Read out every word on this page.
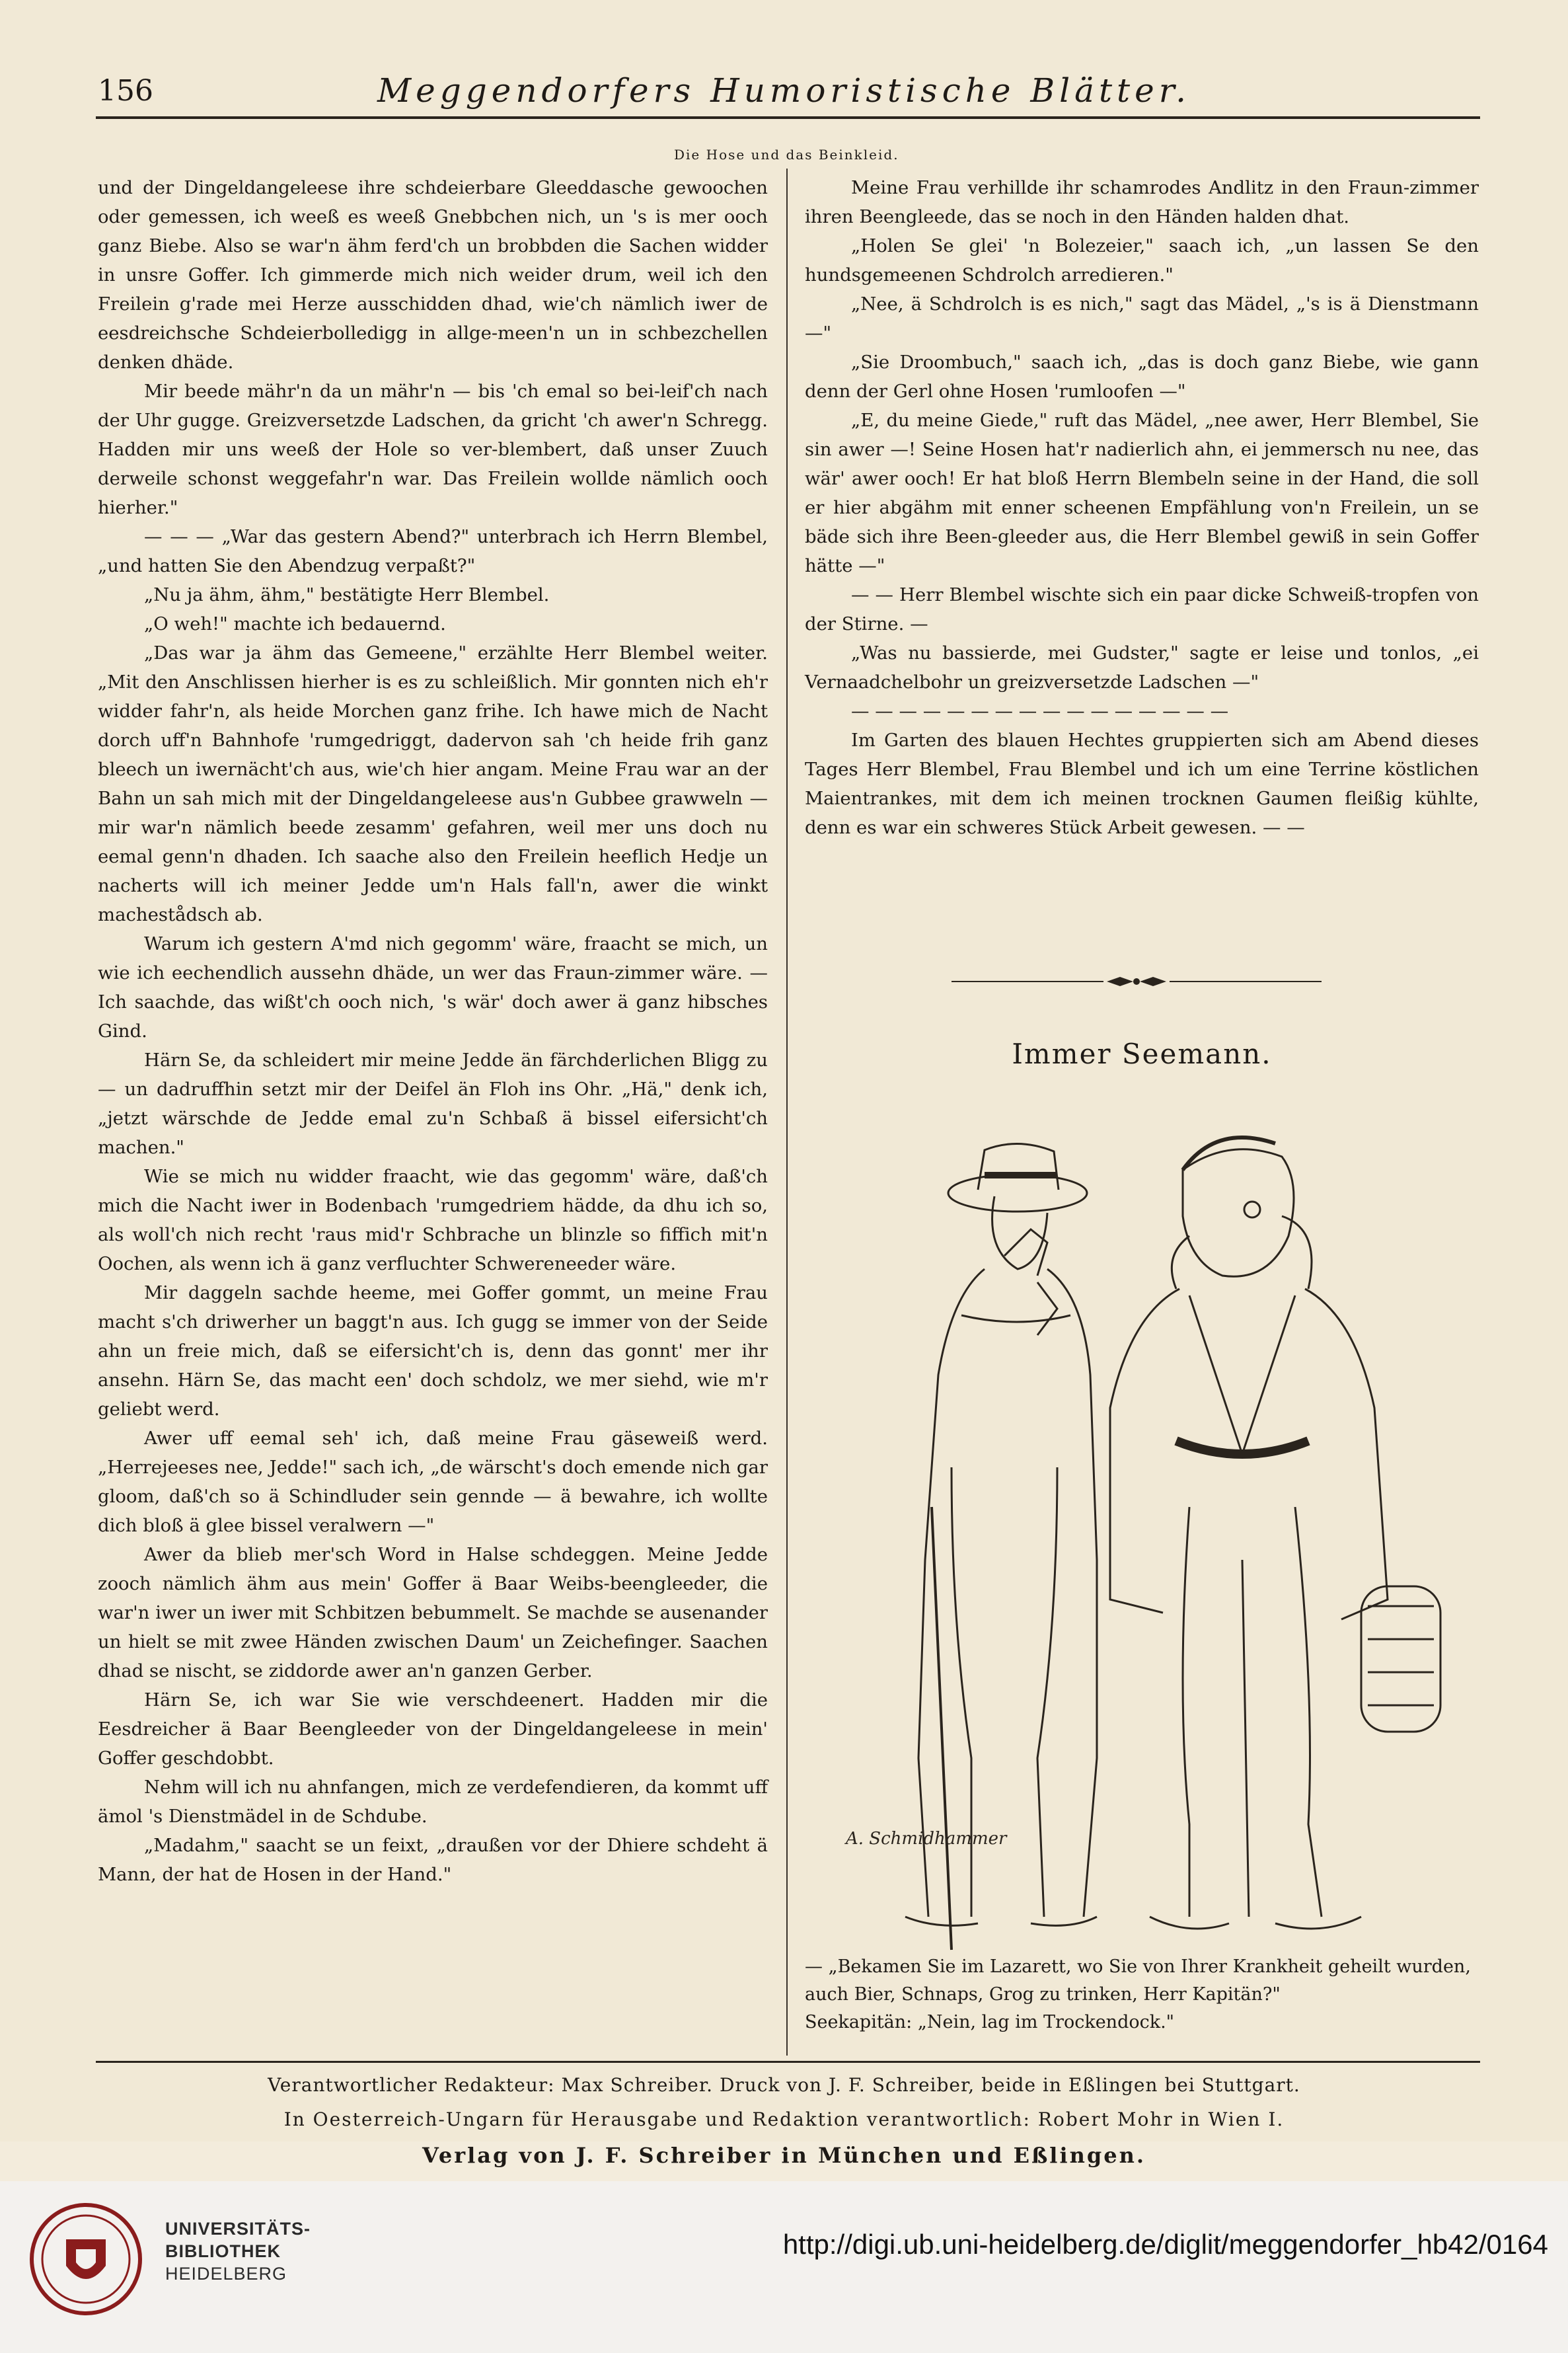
156	Meggendorfers Humoristische Blätter.
Die Hose und das Beinkleid.

und der Dingeldangeleese ihre schdeierbare Gleeddasche gewoochen oder gemessen, ich weeß es weeß Gnebbchen nich, un 's is mer ooch ganz Biebe. Also se war'n ähm ferd'ch un brobbden die Sachen widder in unsre Goffer. Ich gimmerde mich nich weider drum, weil ich den Freilein g'rade mei Herze ausschidden dhad, wie'ch nämlich iwer de eesdreichsche Schdeierbolledigg in allge-meen'n un in schbezchellen denken dhäde.

Mir beede mähr'n da un mähr'n — bis 'ch emal so bei-leif'ch nach der Uhr gugge. Greizversetzde Ladschen, da gricht 'ch awer'n Schregg. Hadden mir uns weeß der Hole so ver-blembert, daß unser Zuuch derweile schonst weggefahr'n war. Das Freilein wollde nämlich ooch hierher."

— — — „War das gestern Abend?" unterbrach ich Herrn Blembel, „und hatten Sie den Abendzug verpaßt?"

„Nu ja ähm, ähm," bestätigte Herr Blembel.

„O weh!" machte ich bedauernd.

„Das war ja ähm das Gemeene," erzählte Herr Blembel weiter. „Mit den Anschlissen hierher is es zu schleißlich. Mir gonnten nich eh'r widder fahr'n, als heide Morchen ganz frihe. Ich hawe mich de Nacht dorch uff'n Bahnhofe 'rumgedriggt, dadervon sah 'ch heide frih ganz bleech un iwernächt'ch aus, wie'ch hier angam. Meine Frau war an der Bahn un sah mich mit der Dingeldangeleese aus'n Gubbee grawweln — mir war'n nämlich beede zesamm' gefahren, weil mer uns doch nu eemal genn'n dhaden. Ich saache also den Freilein heeflich Hedje un nacherts will ich meiner Jedde um'n Hals fall'n, awer die winkt machestådsch ab.

Warum ich gestern A'md nich gegomm' wäre, fraacht se mich, un wie ich eechendlich aussehn dhäde, un wer das Fraun-zimmer wäre. — Ich saachde, das wißt'ch ooch nich, 's wär' doch awer ä ganz hibsches Gind.

Härn Se, da schleidert mir meine Jedde än färchderlichen Bligg zu — un dadruffhin setzt mir der Deifel än Floh ins Ohr. „Hä," denk ich, „jetzt wärschde de Jedde emal zu'n Schbaß ä bissel eifersicht'ch machen."

Wie se mich nu widder fraacht, wie das gegomm' wäre, daß'ch mich die Nacht iwer in Bodenbach 'rumgedriem hädde, da dhu ich so, als woll'ch nich recht 'raus mid'r Schbrache un blinzle so fiffich mit'n Oochen, als wenn ich ä ganz verfluchter Schwereneeder wäre.

Mir daggeln sachde heeme, mei Goffer gommt, un meine Frau macht s'ch driwerher un baggt'n aus. Ich gugg se immer von der Seide ahn un freie mich, daß se eifersicht'ch is, denn das gonnt' mer ihr ansehn. Härn Se, das macht een' doch schdolz, we mer siehd, wie m'r geliebt werd.

Awer uff eemal seh' ich, daß meine Frau gäseweiß werd. „Herrejeeses nee, Jedde!" sach ich, „de wärscht's doch emende nich gar gloom, daß'ch so ä Schindluder sein gennde — ä bewahre, ich wollte dich bloß ä glee bissel veralwern —"

Awer da blieb mer'sch Word in Halse schdeggen. Meine Jedde zooch nämlich ähm aus mein' Goffer ä Baar Weibs-beengleeder, die war'n iwer un iwer mit Schbitzen bebummelt. Se machde se ausenander un hielt se mit zwee Händen zwischen Daum' un Zeichefinger. Saachen dhad se nischt, se ziddorde awer an'n ganzen Gerber.

Härn Se, ich war Sie wie verschdeenert. Hadden mir die Eesdreicher ä Baar Beengleeder von der Dingeldangeleese in mein' Goffer geschdobbt.

Nehm will ich nu ahnfangen, mich ze verdefendieren, da kommt uff ämol 's Dienstmädel in de Schdube.

„Madahm," saacht se un feixt, „draußen vor der Dhiere schdeht ä Mann, der hat de Hosen in der Hand."

Meine Frau verhillde ihr schamrodes Andlitz in den Fraun-zimmer ihren Beengleede, das se noch in den Händen halden dhat.

„Holen Se glei' 'n Bolezeier," saach ich, „un lassen Se den hundsgemeenen Schdrolch arredieren."

„Nee, ä Schdrolch is es nich," sagt das Mädel, „'s is ä Dienstmann —"

„Sie Droombuch," saach ich, „das is doch ganz Biebe, wie gann denn der Gerl ohne Hosen 'rumloofen —"

„E, du meine Giede," ruft das Mädel, „nee awer, Herr Blembel, Sie sin awer —! Seine Hosen hat'r nadierlich ahn, ei jemmersch nu nee, das wär' awer ooch! Er hat bloß Herrn Blembeln seine in der Hand, die soll er hier abgähm mit enner scheenen Empfählung von'n Freilein, un se bäde sich ihre Been-gleeder aus, die Herr Blembel gewiß in sein Goffer hätte —"

— — Herr Blembel wischte sich ein paar dicke Schweiß-tropfen von der Stirne. —

„Was nu bassierde, mei Gudster," sagte er leise und tonlos, „ei Vernaadchelbohr un greizversetzde Ladschen —"

— — — — — — — — — — — — — — — —

Im Garten des blauen Hechtes gruppierten sich am Abend dieses Tages Herr Blembel, Frau Blembel und ich um eine Terrine köstlichen Maientrankes, mit dem ich meinen trocknen Gaumen fleißig kühlte, denn es war ein schweres Stück Arbeit gewesen. — —

Immer Seemann.
A. Schmidhammer

— „Bekamen Sie im Lazarett, wo Sie von Ihrer Krankheit geheilt wurden, auch Bier, Schnaps, Grog zu trinken, Herr Kapitän?"

Seekapitän: „Nein, lag im Trockendock."

Verantwortlicher Redakteur: Max Schreiber. Druck von J. F. Schreiber, beide in Eßlingen bei Stuttgart.
In Oesterreich-Ungarn für Herausgabe und Redaktion verantwortlich: Robert Mohr in Wien I.
Verlag von J. F. Schreiber in München und Eßlingen.
UNIVERSITÄTS-
BIBLIOTHEK
HEIDELBERG
http://digi.ub.uni-heidelberg.de/diglit/meggendorfer_hb42/0164
